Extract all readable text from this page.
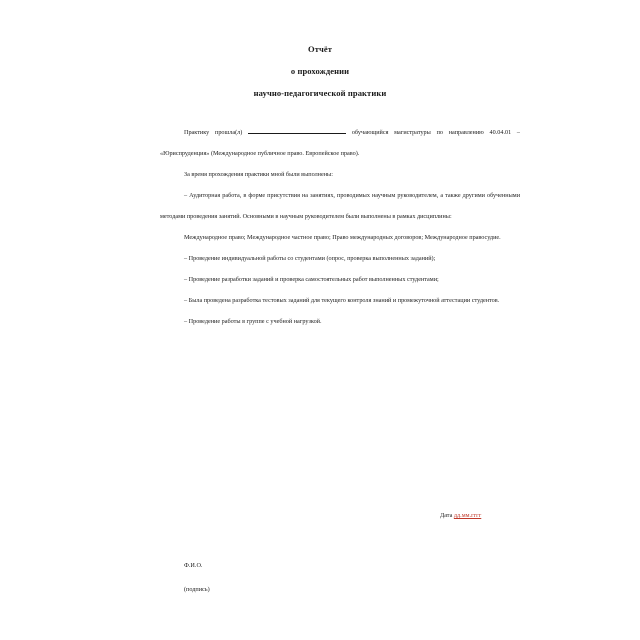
Отчёт
о прохождении
научно-педагогической практики

Практику прошла(л)	обучающийся магистратуры по направлению 40.04.01 – «Юриспруденция» (Международное публичное право. Европейское право).

За время прохождения практики мной были выполнены:

– Аудиторная работа, в форме присутствия на занятиях, проводимых научным руководителем, а также другими обученными методами проведения занятий. Основными в научным руководителем были выполнены в рамках дисциплины:

Международное право; Международное частное право; Право международных договоров; Международное правосудие.

– Проведение индивидуальной работы со студентами (опрос, проверка выполненных заданий);

– Проведение разработки заданий и проверка самостоятельных работ выполненных студентами;

– Была проведена разработка тестовых заданий для текущего контроля знаний и промежуточной аттестации студентов.

– Проведение работы в группе с учебной нагрузкой.

Дата дд.мм.гггг
Ф.И.О.
(подпись)
